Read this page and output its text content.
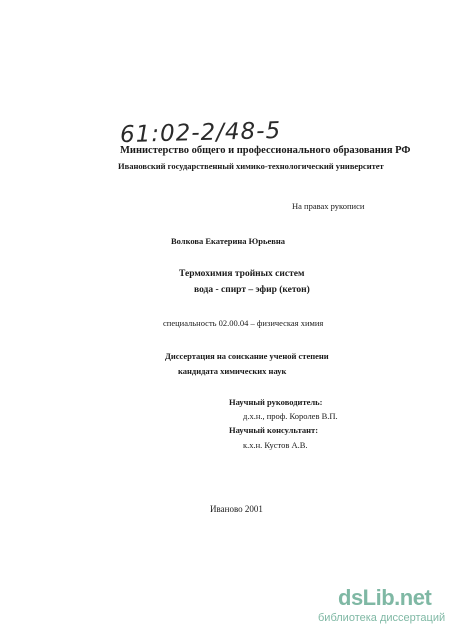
61:02-2/48-5
Министерство общего и профессионального образования РФ
Ивановский государственный химико-технологический университет
На правах рукописи
Волкова Екатерина Юрьевна
Термохимия тройных систем
вода - спирт – эфир (кетон)
специальность 02.00.04 – физическая химия
Диссертация на соискание ученой степени
кандидата химических наук
Научный руководитель:
д.х.н., проф. Королев В.П.
Научный консультант:
к.х.н. Кустов А.В.
Иваново 2001
dsLib.net
библиотека диссертаций
